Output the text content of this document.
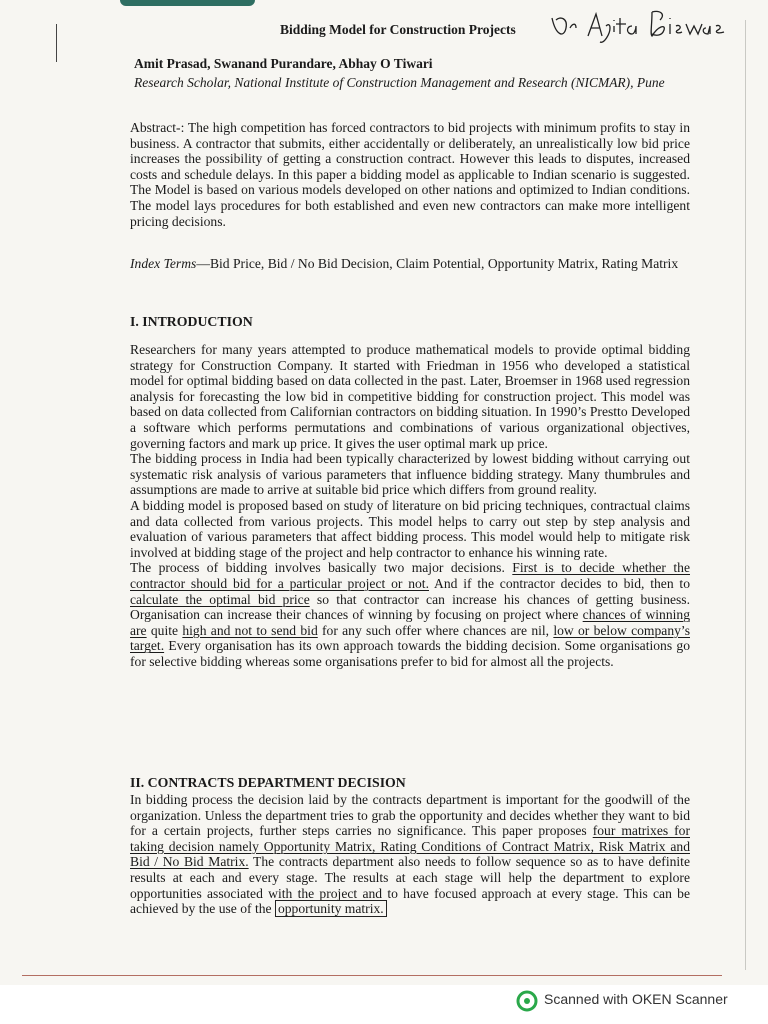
Bidding Model for Construction Projects
Amit Prasad, Swanand Purandare, Abhay O Tiwari
Research Scholar, National Institute of Construction Management and Research (NICMAR), Pune

Abstract-: The high competition has forced contractors to bid projects with minimum profits to stay in business. A contractor that submits, either accidentally or deliberately, an unrealistically low bid price increases the possibility of getting a construction contract. However this leads to disputes, increased costs and schedule delays. In this paper a bidding model as applicable to Indian scenario is suggested. The Model is based on various models developed on other nations and optimized to Indian conditions. The model lays procedures for both established and even new contractors can make more intelligent pricing decisions.

Index Terms—Bid Price, Bid / No Bid Decision, Claim Potential, Opportunity Matrix, Rating Matrix

I. INTRODUCTION

Researchers for many years attempted to produce mathematical models to provide optimal bidding strategy for Construction Company. It started with Friedman in 1956 who developed a statistical model for optimal bidding based on data collected in the past. Later, Broemser in 1968 used regression analysis for forecasting the low bid in competitive bidding for construction project. This model was based on data collected from Californian contractors on bidding situation. In 1990’s Prestto Developed a software which performs permutations and combinations of various organizational objectives, governing factors and mark up price. It gives the user optimal mark up price.

The bidding process in India had been typically characterized by lowest bidding without carrying out systematic risk analysis of various parameters that influence bidding strategy. Many thumbrules and assumptions are made to arrive at suitable bid price which differs from ground reality.

A bidding model is proposed based on study of literature on bid pricing techniques, contractual claims and data collected from various projects. This model helps to carry out step by step analysis and evaluation of various parameters that affect bidding process. This model would help to mitigate risk involved at bidding stage of the project and help contractor to enhance his winning rate.

The process of bidding involves basically two major decisions. First is to decide whether the contractor should bid for a particular project or not. And if the contractor decides to bid, then to calculate the optimal bid price so that contractor can increase his chances of getting business. Organisation can increase their chances of winning by focusing on project where chances of winning are quite high and not to send bid for any such offer where chances are nil, low or below company’s target. Every organisation has its own approach towards the bidding decision. Some organisations go for selective bidding whereas some organisations prefer to bid for almost all the projects.

II. CONTRACTS DEPARTMENT DECISION

In bidding process the decision laid by the contracts department is important for the goodwill of the organization. Unless the department tries to grab the opportunity and decides whether they want to bid for a certain projects, further steps carries no significance. This paper proposes four matrixes for taking decision namely Opportunity Matrix, Rating Conditions of Contract Matrix, Risk Matrix and Bid / No Bid Matrix. The contracts department also needs to follow sequence so as to have definite results at each and every stage. The results at each stage will help the department to explore opportunities associated with the project and to have focused approach at every stage. This can be achieved by the use of the opportunity matrix.

Scanned with OKEN Scanner
